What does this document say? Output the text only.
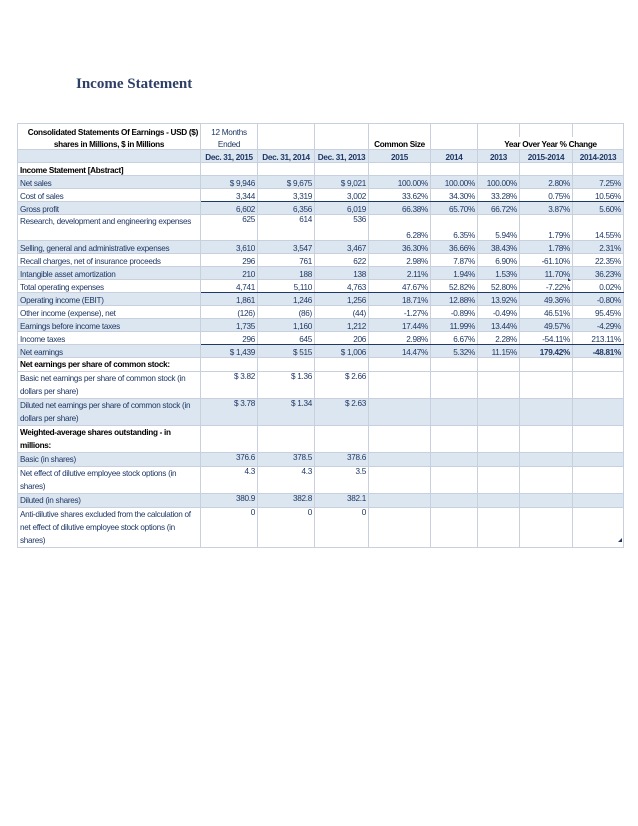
Income Statement
Consolidated Statements Of Earnings - USD ($)	12 Months							
shares in Millions, $ in Millions	Ended			Common Size		Year Over Year % Change		
	Dec. 31, 2015	Dec. 31, 2014	Dec. 31, 2013	2015	2014	2013	2015-2014	2014-2013
Income Statement [Abstract]								
Net sales	$ 9,946	$ 9,675	$ 9,021	100.00%	100.00%	100.00%	2.80%	7.25%
Cost of sales	3,344	3,319	3,002	33.62%	34.30%	33.28%	0.75%	10.56%
Gross profit	6,602	6,356	6,019	66.38%	65.70%	66.72%	3.87%	5.60%
Research, development and engineering expenses	625	614	536	6.28%	6.35%	5.94%	1.79%	14.55%
Selling, general and administrative expenses	3,610	3,547	3,467	36.30%	36.66%	38.43%	1.78%	2.31%
Recall charges, net of insurance proceeds	296	761	622	2.98%	7.87%	6.90%	-61.10%	22.35%
Intangible asset amortization	210	188	138	2.11%	1.94%	1.53%	11.70%	36.23%
Total operating expenses	4,741	5,110	4,763	47.67%	52.82%	52.80%	-7.22%	0.02%
Operating income (EBIT)	1,861	1,246	1,256	18.71%	12.88%	13.92%	49.36%	-0.80%
Other income (expense), net	(126)	(86)	(44)	-1.27%	-0.89%	-0.49%	46.51%	95.45%
Earnings before income taxes	1,735	1,160	1,212	17.44%	11.99%	13.44%	49.57%	-4.29%
Income taxes	296	645	206	2.98%	6.67%	2.28%	-54.11%	213.11%
Net earnings	$ 1,439	$ 515	$ 1,006	14.47%	5.32%	11.15%	179.42%	-48.81%
Net earnings per share of common stock:								
Basic net earnings per share of common stock (in dollars per share)	$ 3.82	$ 1.36	$ 2.66					
Diluted net earnings per share of common stock (in dollars per share)	$ 3.78	$ 1.34	$ 2.63					
Weighted-average shares outstanding - in millions:								
Basic (in shares)	376.6	378.5	378.6					
Net effect of dilutive employee stock options (in shares)	4.3	4.3	3.5					
Diluted (in shares)	380.9	382.8	382.1					
Anti-dilutive shares excluded from the calculation of net effect of dilutive employee stock options (in shares)	0	0	0					
